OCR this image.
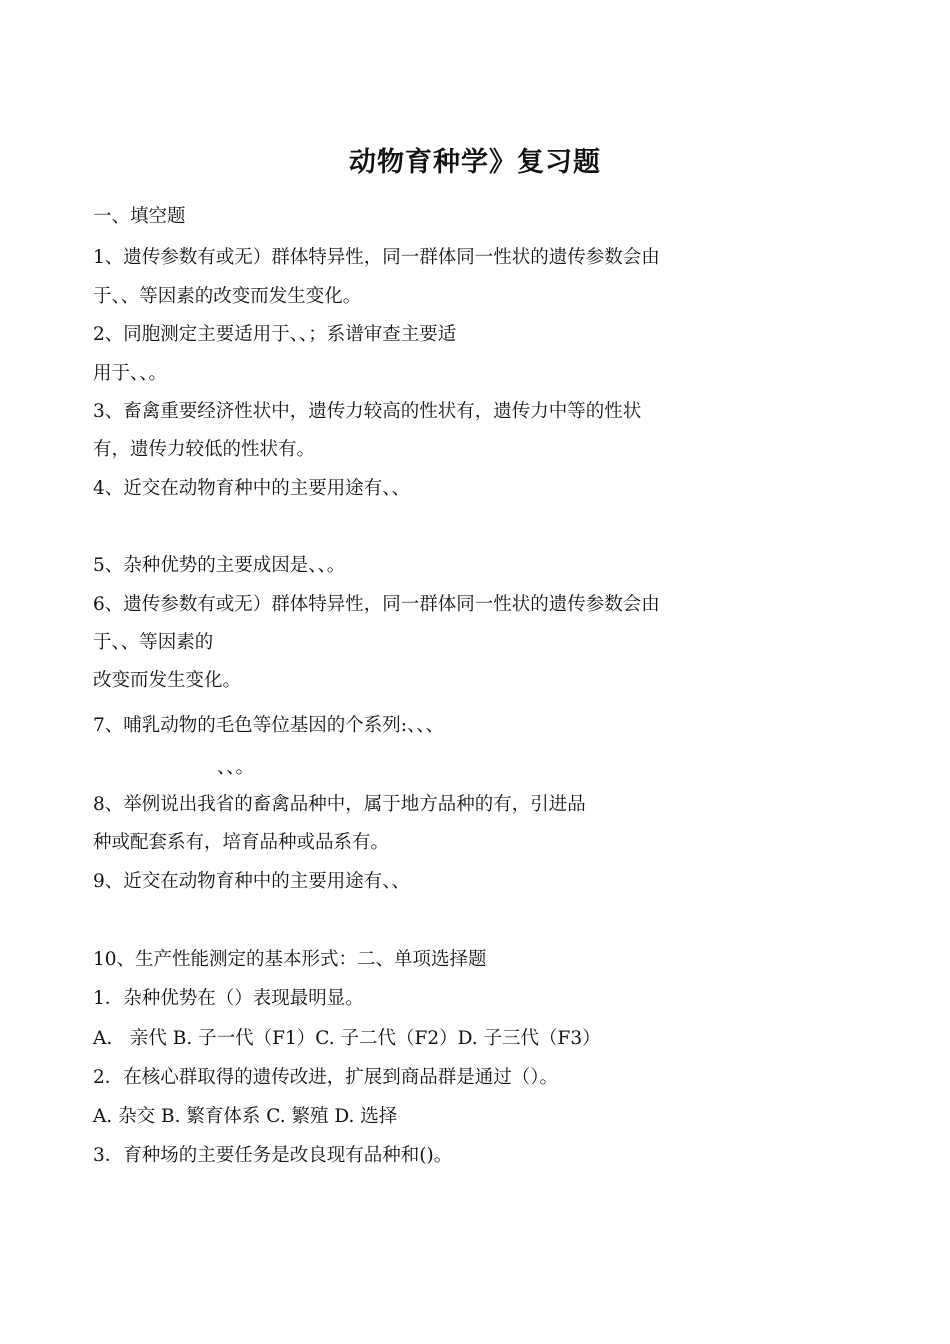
动物育种学》复习题
一、填空题
1、遗传参数有或无）群体特异性，同一群体同一性状的遗传参数会由
于、、等因素的改变而发生变化。
2、同胞测定主要适用于、、；系谱审查主要适
用于、、。
3、畜禽重要经济性状中，遗传力较高的性状有，遗传力中等的性状
有，遗传力较低的性状有。
4、近交在动物育种中的主要用途有、、
5、杂种优势的主要成因是、、。
6、遗传参数有或无）群体特异性，同一群体同一性状的遗传参数会由
于、、等因素的
改变而发生变化。
7、哺乳动物的毛色等位基因的个系列:、、、
、、。
8、举例说出我省的畜禽品种中，属于地方品种的有，引进品
种或配套系有，培育品种或品系有。
9、近交在动物育种中的主要用途有、、
10、生产性能测定的基本形式：二、单项选择题
1．杂种优势在（）表现最明显。
A.   亲代 B. 子一代（F1）C. 子二代（F2）D. 子三代（F3）
2．在核心群取得的遗传改进，扩展到商品群是通过（）。
A. 杂交 B. 繁育体系 C. 繁殖 D. 选择
3．育种场的主要任务是改良现有品种和()。
